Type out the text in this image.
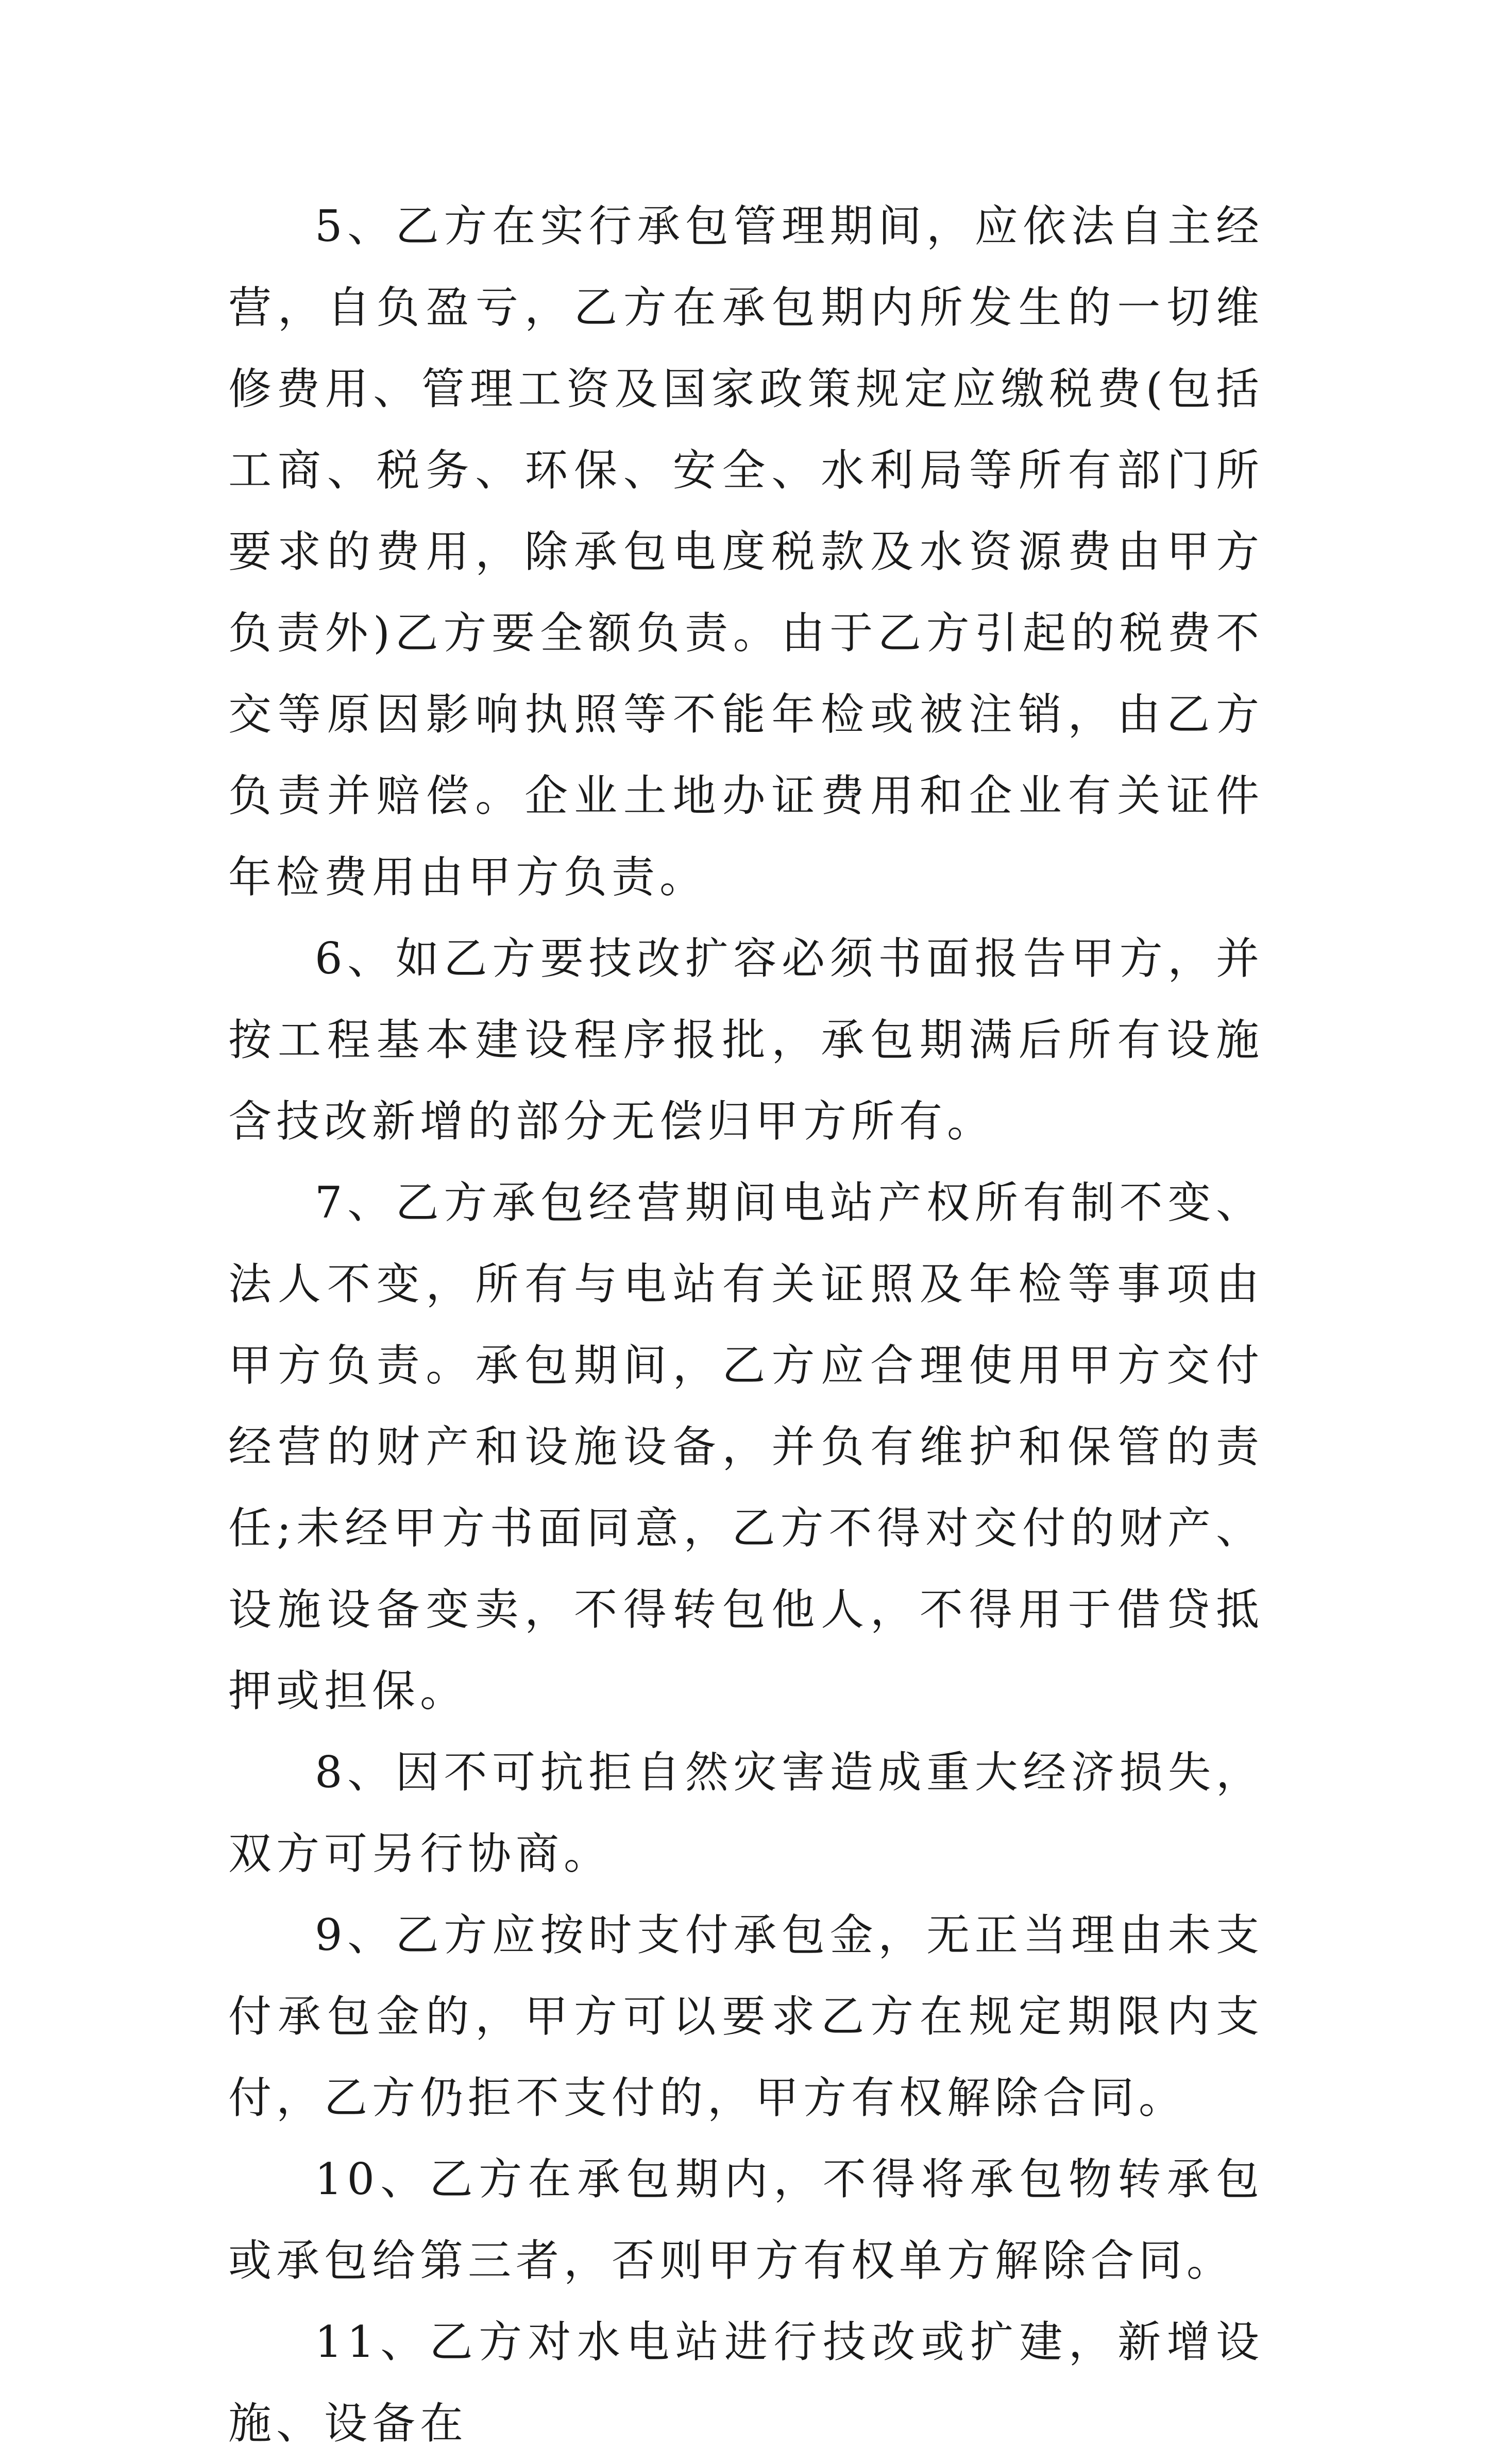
5、乙方在实行承包管理期间，应依法自主经营，自负盈亏，乙方在承包期内所发生的一切维修费用、管理工资及国家政策规定应缴税费(包括工商、税务、环保、安全、水利局等所有部门所要求的费用，除承包电度税款及水资源费由甲方负责外)乙方要全额负责。由于乙方引起的税费不交等原因影响执照等不能年检或被注销，由乙方负责并赔偿。企业土地办证费用和企业有关证件年检费用由甲方负责。

6、如乙方要技改扩容必须书面报告甲方，并按工程基本建设程序报批，承包期满后所有设施含技改新增的部分无偿归甲方所有。

7、乙方承包经营期间电站产权所有制不变、法人不变，所有与电站有关证照及年检等事项由甲方负责。承包期间，乙方应合理使用甲方交付经营的财产和设施设备，并负有维护和保管的责任;未经甲方书面同意，乙方不得对交付的财产、设施设备变卖，不得转包他人，不得用于借贷抵押或担保。

8、因不可抗拒自然灾害造成重大经济损失，双方可另行协商。

9、乙方应按时支付承包金，无正当理由未支付承包金的，甲方可以要求乙方在规定期限内支付，乙方仍拒不支付的，甲方有权解除合同。

10、乙方在承包期内，不得将承包物转承包或承包给第三者，否则甲方有权单方解除合同。

11、乙方对水电站进行技改或扩建，新增设施、设备在
